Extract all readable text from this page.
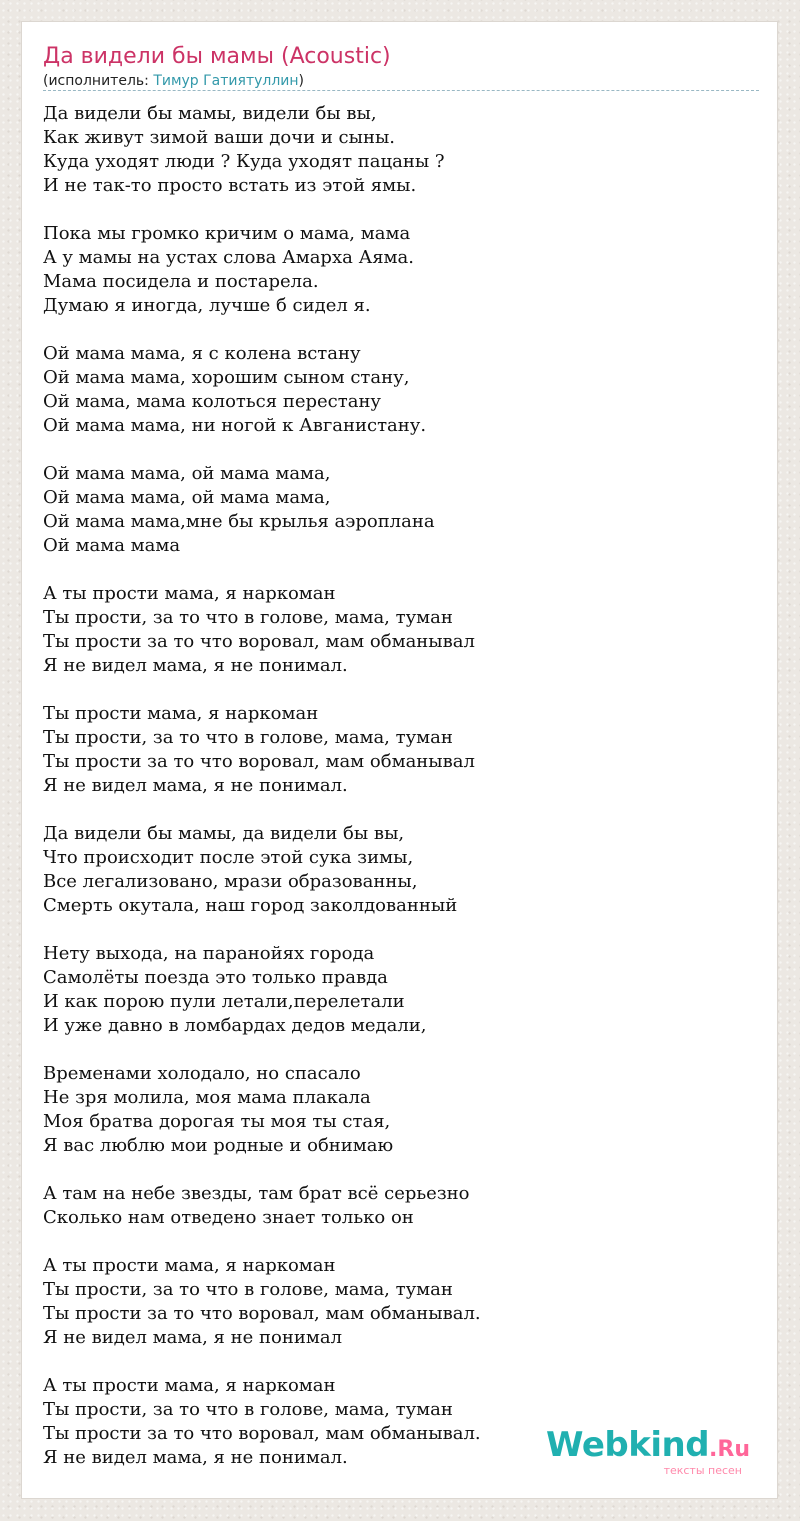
Да видели бы мамы (Acoustic)
(исполнитель: Тимур Гатиятуллин)
Да видели бы мамы, видели бы вы,
Как живут зимой ваши дочи и сыны.
Куда уходят люди ? Куда уходят пацаны ?
И не так-то просто встать из этой ямы.
Пока мы громко кричим о мама, мама
А у мамы на устах слова Амарха Аяма.
Мама посидела и постарела.
Думаю я иногда, лучше б сидел я.
Ой мама мама, я с колена встану
Ой мама мама, хорошим сыном стану,
Ой мама, мама колоться перестану
Ой мама мама, ни ногой к Авганистану.
Ой мама мама, ой мама мама,
Ой мама мама, ой мама мама,
Ой мама мама,мне бы крылья аэроплана
Ой мама мама
А ты прости мама, я наркоман
Ты прости, за то что в голове, мама, туман
Ты прости за то что воровал, мам обманывал
Я не видел мама, я не понимал.
Ты прости мама, я наркоман
Ты прости, за то что в голове, мама, туман
Ты прости за то что воровал, мам обманывал
Я не видел мама, я не понимал.
Да видели бы мамы, да видели бы вы,
Что происходит после этой сука зимы,
Все легализовано, мрази образованны,
Смерть окутала, наш город заколдованный
Нету выхода, на паранойях города
Самолёты поезда это только правда
И как порою пули летали,перелетали
И уже давно в ломбардах дедов медали,
Временами холодало, но спасало
Не зря молила, моя мама плакала
Моя братва дорогая ты моя ты стая,
Я вас люблю мои родные и обнимаю
А там на небе звезды, там брат всё серьезно
Сколько нам отведено знает только он
А ты прости мама, я наркоман
Ты прости, за то что в голове, мама, туман
Ты прости за то что воровал, мам обманывал.
Я не видел мама, я не понимал
А ты прости мама, я наркоман
Ты прости, за то что в голове, мама, туман
Ты прости за то что воровал, мам обманывал.
Я не видел мама, я не понимал.	Webkind.Ru
тексты песен
